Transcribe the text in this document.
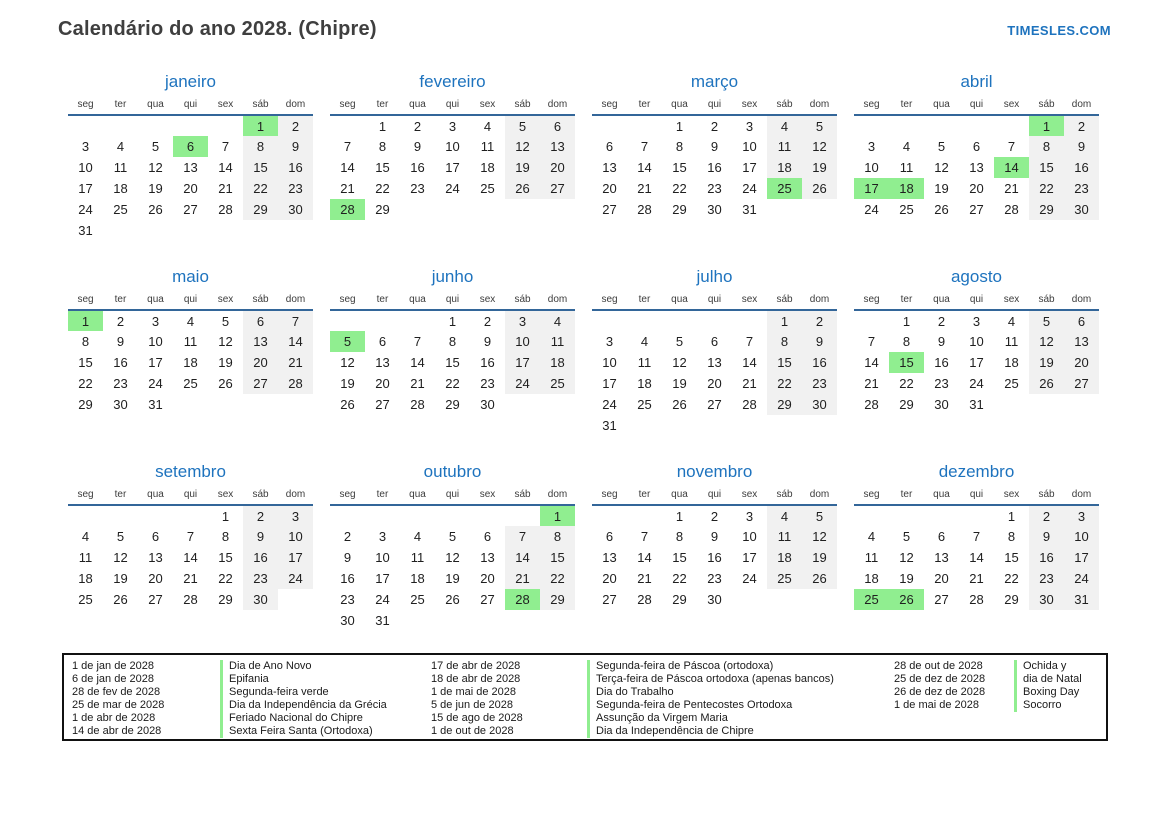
Calendário do ano 2028. (Chipre)	TIMESLES.COM
janeiro
seg	ter	qua	qui	sex	sáb	dom
					1	2
3	4	5	6	7	8	9
10	11	12	13	14	15	16
17	18	19	20	21	22	23
24	25	26	27	28	29	30
31						
fevereiro
seg	ter	qua	qui	sex	sáb	dom
	1	2	3	4	5	6
7	8	9	10	11	12	13
14	15	16	17	18	19	20
21	22	23	24	25	26	27
28	29					
março
seg	ter	qua	qui	sex	sáb	dom
		1	2	3	4	5
6	7	8	9	10	11	12
13	14	15	16	17	18	19
20	21	22	23	24	25	26
27	28	29	30	31		
abril
seg	ter	qua	qui	sex	sáb	dom
					1	2
3	4	5	6	7	8	9
10	11	12	13	14	15	16
17	18	19	20	21	22	23
24	25	26	27	28	29	30
maio
seg	ter	qua	qui	sex	sáb	dom
1	2	3	4	5	6	7
8	9	10	11	12	13	14
15	16	17	18	19	20	21
22	23	24	25	26	27	28
29	30	31				
junho
seg	ter	qua	qui	sex	sáb	dom
			1	2	3	4
5	6	7	8	9	10	11
12	13	14	15	16	17	18
19	20	21	22	23	24	25
26	27	28	29	30		
julho
seg	ter	qua	qui	sex	sáb	dom
					1	2
3	4	5	6	7	8	9
10	11	12	13	14	15	16
17	18	19	20	21	22	23
24	25	26	27	28	29	30
31						
agosto
seg	ter	qua	qui	sex	sáb	dom
	1	2	3	4	5	6
7	8	9	10	11	12	13
14	15	16	17	18	19	20
21	22	23	24	25	26	27
28	29	30	31			
setembro
seg	ter	qua	qui	sex	sáb	dom
				1	2	3
4	5	6	7	8	9	10
11	12	13	14	15	16	17
18	19	20	21	22	23	24
25	26	27	28	29	30	
outubro
seg	ter	qua	qui	sex	sáb	dom
						1
2	3	4	5	6	7	8
9	10	11	12	13	14	15
16	17	18	19	20	21	22
23	24	25	26	27	28	29
30	31					
novembro
seg	ter	qua	qui	sex	sáb	dom
		1	2	3	4	5
6	7	8	9	10	11	12
13	14	15	16	17	18	19
20	21	22	23	24	25	26
27	28	29	30			
dezembro
seg	ter	qua	qui	sex	sáb	dom
				1	2	3
4	5	6	7	8	9	10
11	12	13	14	15	16	17
18	19	20	21	22	23	24
25	26	27	28	29	30	31
1 de jan de 2028	Dia de Ano Novo
6 de jan de 2028	Epifania
28 de fev de 2028	Segunda-feira verde
25 de mar de 2028	Dia da Independência da Grécia
1 de abr de 2028	Feriado Nacional do Chipre
14 de abr de 2028	Sexta Feira Santa (Ortodoxa)
17 de abr de 2028	Segunda-feira de Páscoa (ortodoxa)
18 de abr de 2028	Terça-feira de Páscoa ortodoxa (apenas bancos)
1 de mai de 2028	Dia do Trabalho
5 de jun de 2028	Segunda-feira de Pentecostes Ortodoxa
15 de ago de 2028	Assunção da Virgem Maria
1 de out de 2028	Dia da Independência de Chipre
28 de out de 2028	Ochida y
25 de dez de 2028	dia de Natal
26 de dez de 2028	Boxing Day
1 de mai de 2028	Socorro
